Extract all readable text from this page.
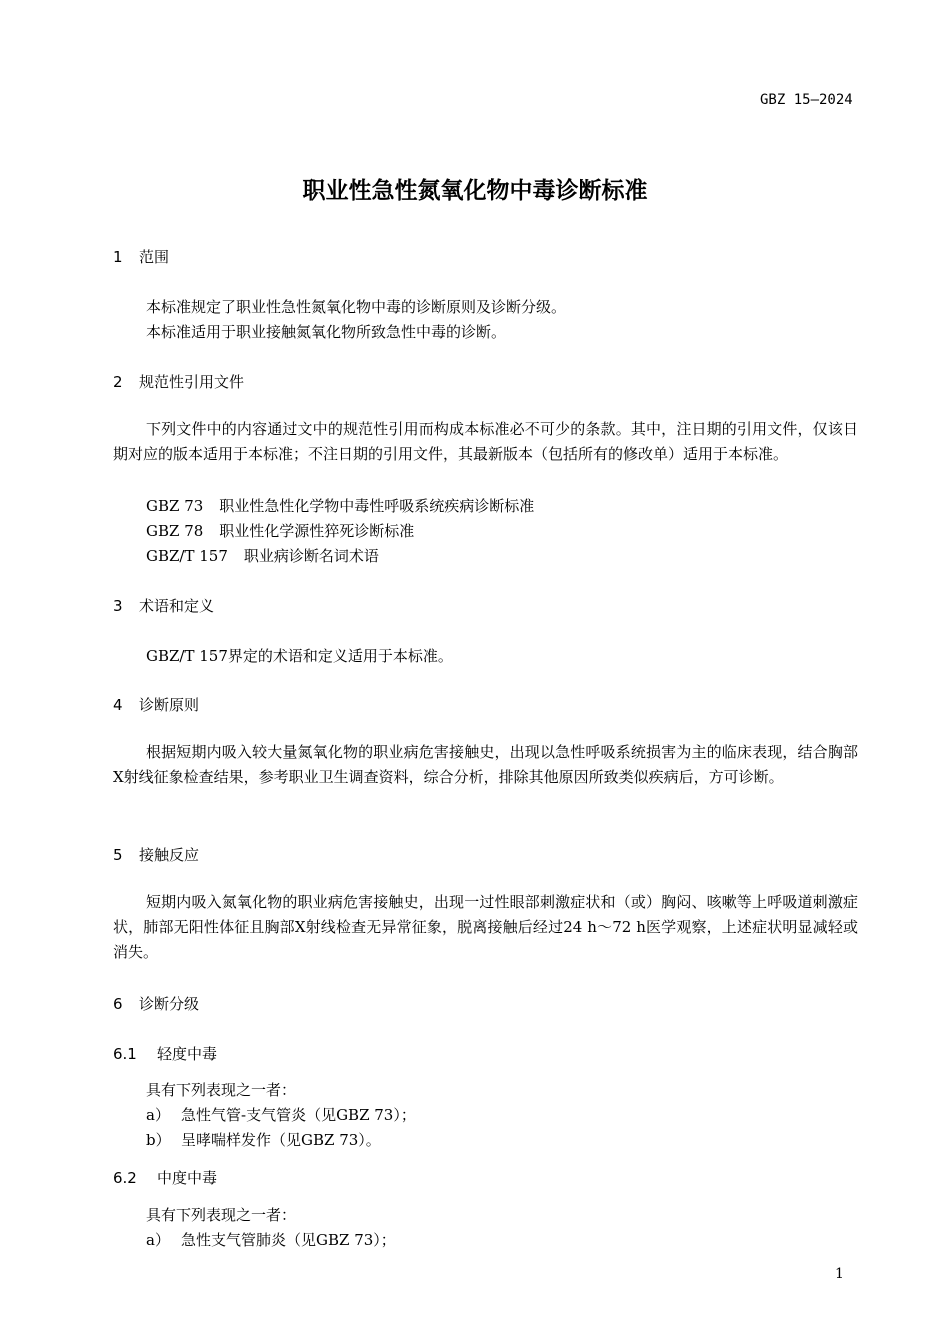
GBZ 15—2024
职业性急性氮氧化物中毒诊断标准
1 范围
本标准规定了职业性急性氮氧化物中毒的诊断原则及诊断分级。
本标准适用于职业接触氮氧化物所致急性中毒的诊断。
2 规范性引用文件
下列文件中的内容通过文中的规范性引用而构成本标准必不可少的条款。其中，注日期的引用文件，仅该日期对应的版本适用于本标准；不注日期的引用文件，其最新版本（包括所有的修改单）适用于本标准。
GBZ 73 职业性急性化学物中毒性呼吸系统疾病诊断标准
GBZ 78 职业性化学源性猝死诊断标准
GBZ/T 157 职业病诊断名词术语
3 术语和定义
GBZ/T 157界定的术语和定义适用于本标准。
4 诊断原则
根据短期内吸入较大量氮氧化物的职业病危害接触史，出现以急性呼吸系统损害为主的临床表现，结合胸部X射线征象检查结果，参考职业卫生调查资料，综合分析，排除其他原因所致类似疾病后，方可诊断。
5 接触反应
短期内吸入氮氧化物的职业病危害接触史，出现一过性眼部刺激症状和（或）胸闷、咳嗽等上呼吸道刺激症状，肺部无阳性体征且胸部X射线检查无异常征象，脱离接触后经过24 h～72 h医学观察，上述症状明显减轻或消失。
6 诊断分级
6.1 轻度中毒
具有下列表现之一者：
a） 急性气管-支气管炎（见GBZ 73）；
b） 呈哮喘样发作（见GBZ 73）。
6.2 中度中毒
具有下列表现之一者：
a） 急性支气管肺炎（见GBZ 73）；
1
